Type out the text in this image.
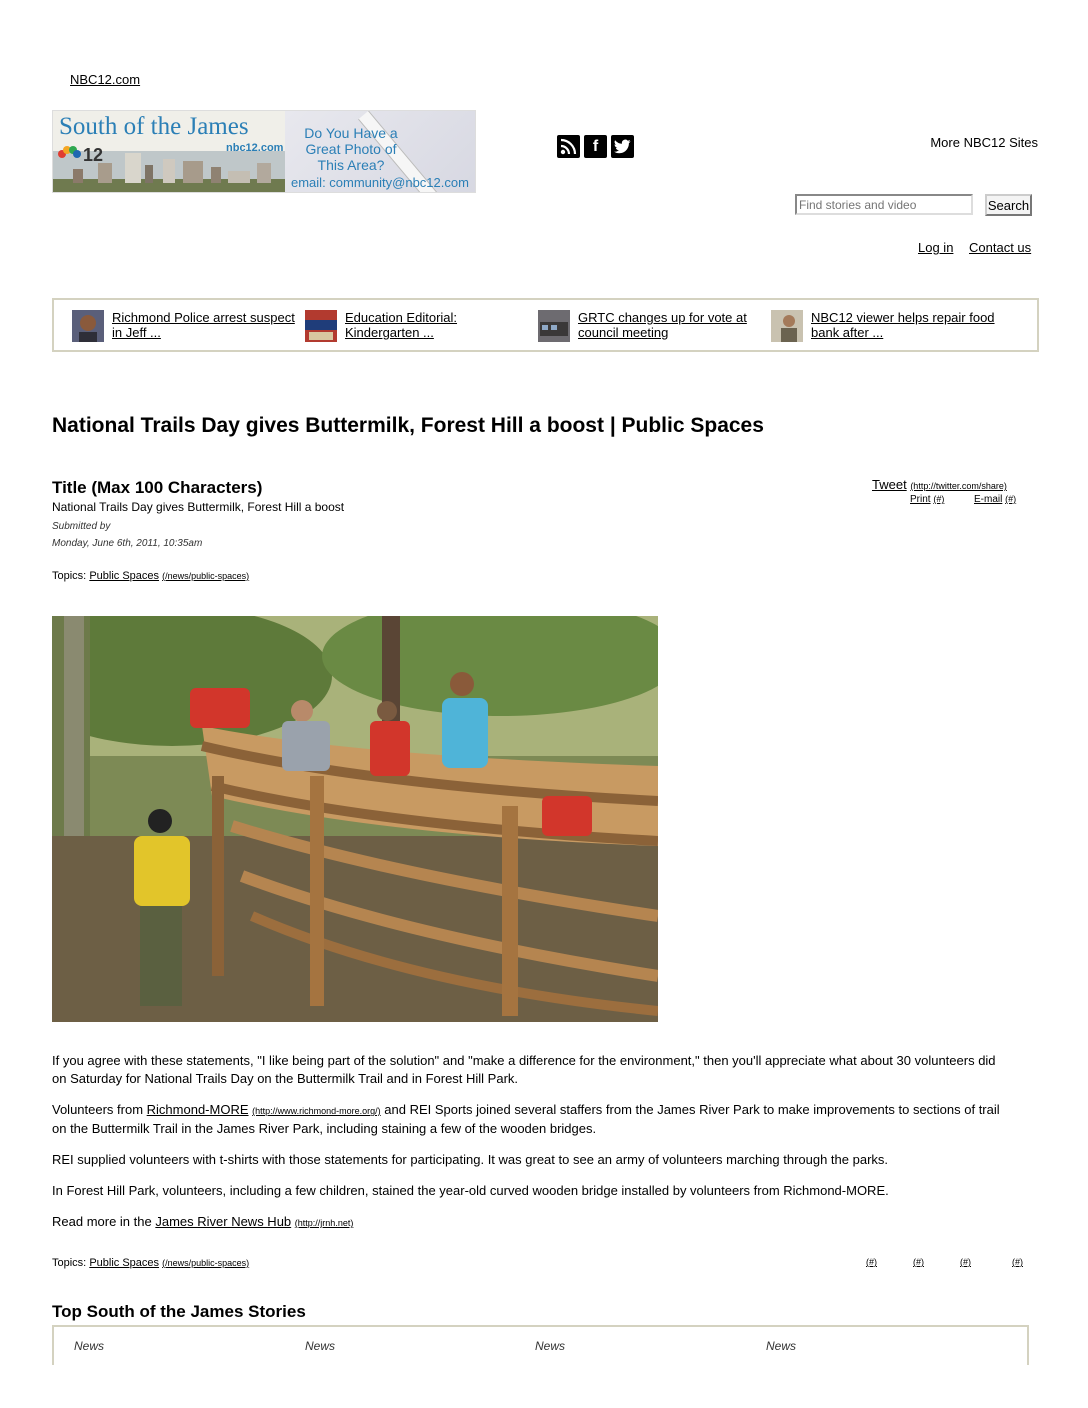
NBC12.com
South of the James
12	nbc12.com
Do You Have a Great Photo of This Area?
email: community@nbc12.com
f	More NBC12 Sites
Find stories and video
Search
Log in Contact us
Richmond Police arrest suspect in Jeff ...
Education Editorial: Kindergarten ...
GRTC changes up for vote at council meeting
NBC12 viewer helps repair food bank after ...
National Trails Day gives Buttermilk, Forest Hill a boost | Public Spaces
Title (Max 100 Characters)
National Trails Day gives Buttermilk, Forest Hill a boost
Submitted by
Monday, June 6th, 2011, 10:35am
Tweet (http://twitter.com/share)
Print (#)	E-mail (#)
Topics: Public Spaces (/news/public-spaces)

If you agree with these statements, "I like being part of the solution" and "make a difference for the environment," then you'll appreciate what about 30 volunteers did on Saturday for National Trails Day on the Buttermilk Trail and in Forest Hill Park.

Volunteers from Richmond-MORE (http://www.richmond-more.org/) and REI Sports joined several staffers from the James River Park to make improvements to sections of trail on the Buttermilk Trail in the James River Park, including staining a few of the wooden bridges.

REI supplied volunteers with t-shirts with those statements for participating. It was great to see an army of volunteers marching through the parks.

In Forest Hill Park, volunteers, including a few children, stained the year-old curved wooden bridge installed by volunteers from Richmond-MORE.

Read more in the James River News Hub (http://jrnh.net)

Topics: Public Spaces (/news/public-spaces)	(#)	(#)	(#)	(#)
Top South of the James Stories
News	News	News	News
